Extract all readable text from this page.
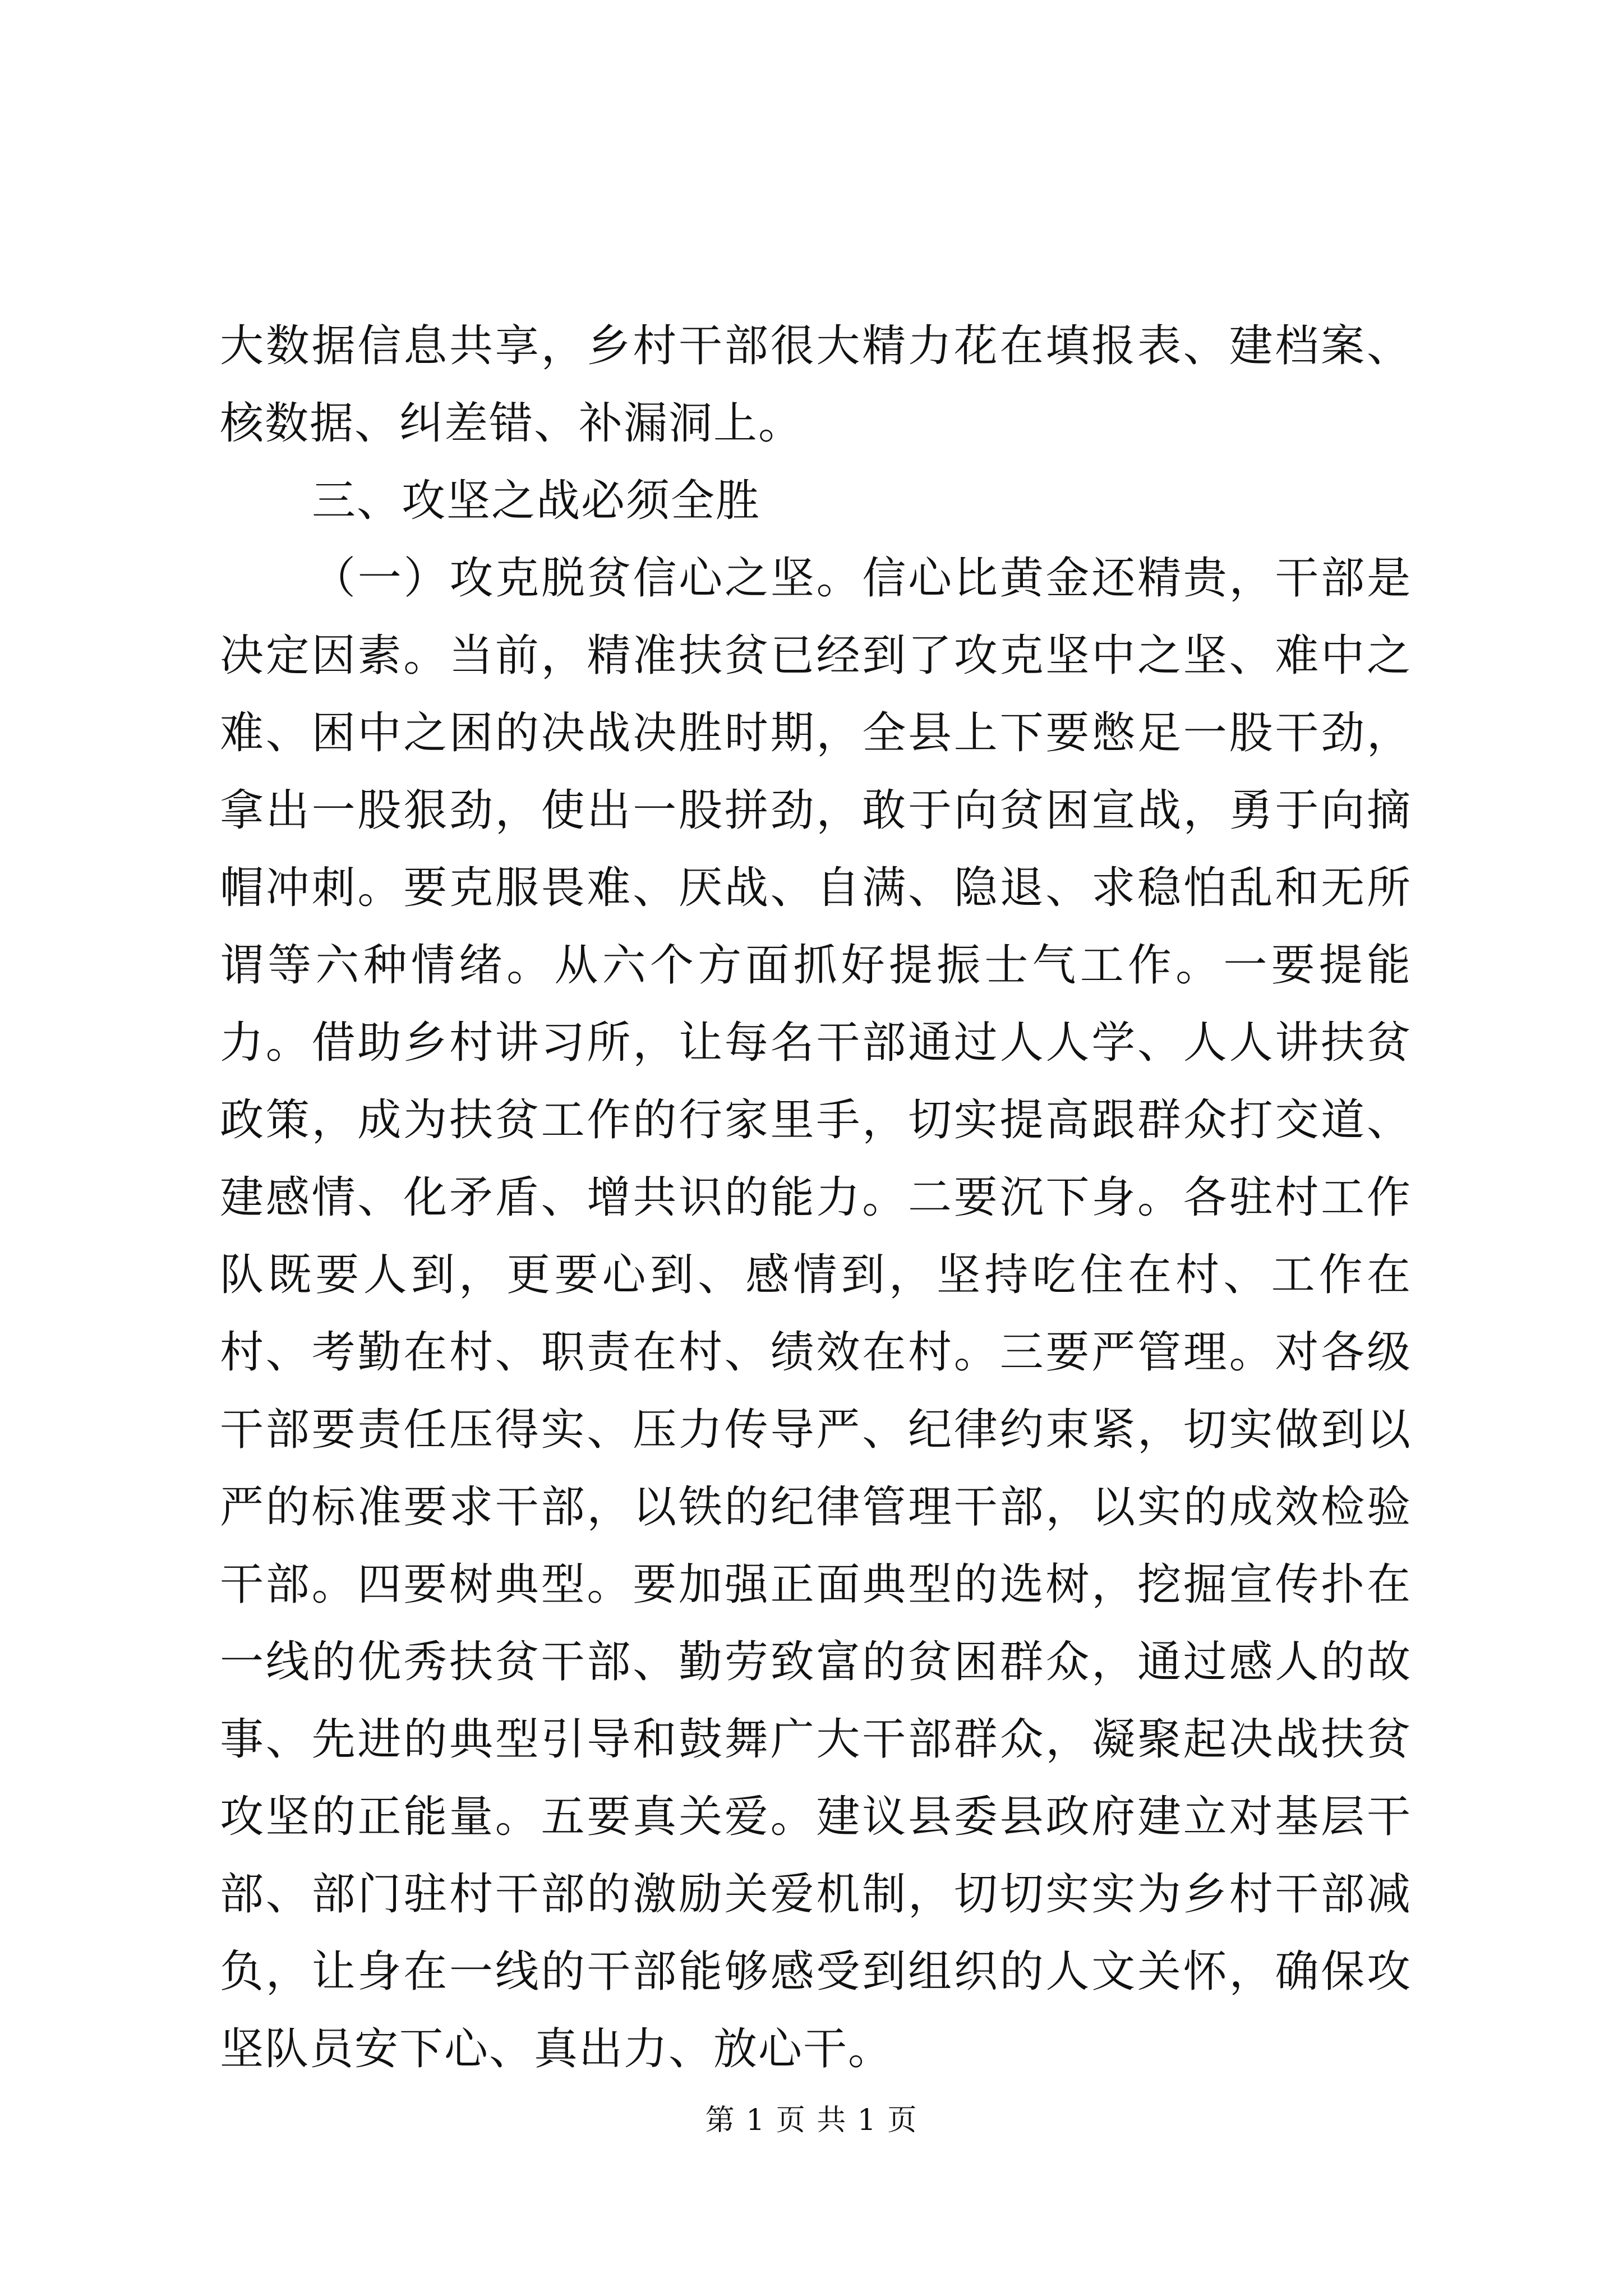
大数据信息共享，乡村干部很大精力花在填报表、建档案、核数据、纠差错、补漏洞上。

三、攻坚之战必须全胜

（一）攻克脱贫信心之坚。信心比黄金还精贵，干部是决定因素。当前，精准扶贫已经到了攻克坚中之坚、难中之难、困中之困的决战决胜时期，全县上下要憋足一股干劲，拿出一股狠劲，使出一股拼劲，敢于向贫困宣战，勇于向摘帽冲刺。要克服畏难、厌战、自满、隐退、求稳怕乱和无所谓等六种情绪。从六个方面抓好提振士气工作。一要提能力。借助乡村讲习所，让每名干部通过人人学、人人讲扶贫政策，成为扶贫工作的行家里手，切实提高跟群众打交道、建感情、化矛盾、增共识的能力。二要沉下身。各驻村工作队既要人到，更要心到、感情到，坚持吃住在村、工作在村、考勤在村、职责在村、绩效在村。三要严管理。对各级干部要责任压得实、压力传导严、纪律约束紧，切实做到以严的标准要求干部，以铁的纪律管理干部，以实的成效检验干部。四要树典型。要加强正面典型的选树，挖掘宣传扑在一线的优秀扶贫干部、勤劳致富的贫困群众，通过感人的故事、先进的典型引导和鼓舞广大干部群众，凝聚起决战扶贫攻坚的正能量。五要真关爱。建议县委县政府建立对基层干部、部门驻村干部的激励关爱机制，切切实实为乡村干部减负，让身在一线的干部能够感受到组织的人文关怀，确保攻坚队员安下心、真出力、放心干。

第 1 页 共 1 页
